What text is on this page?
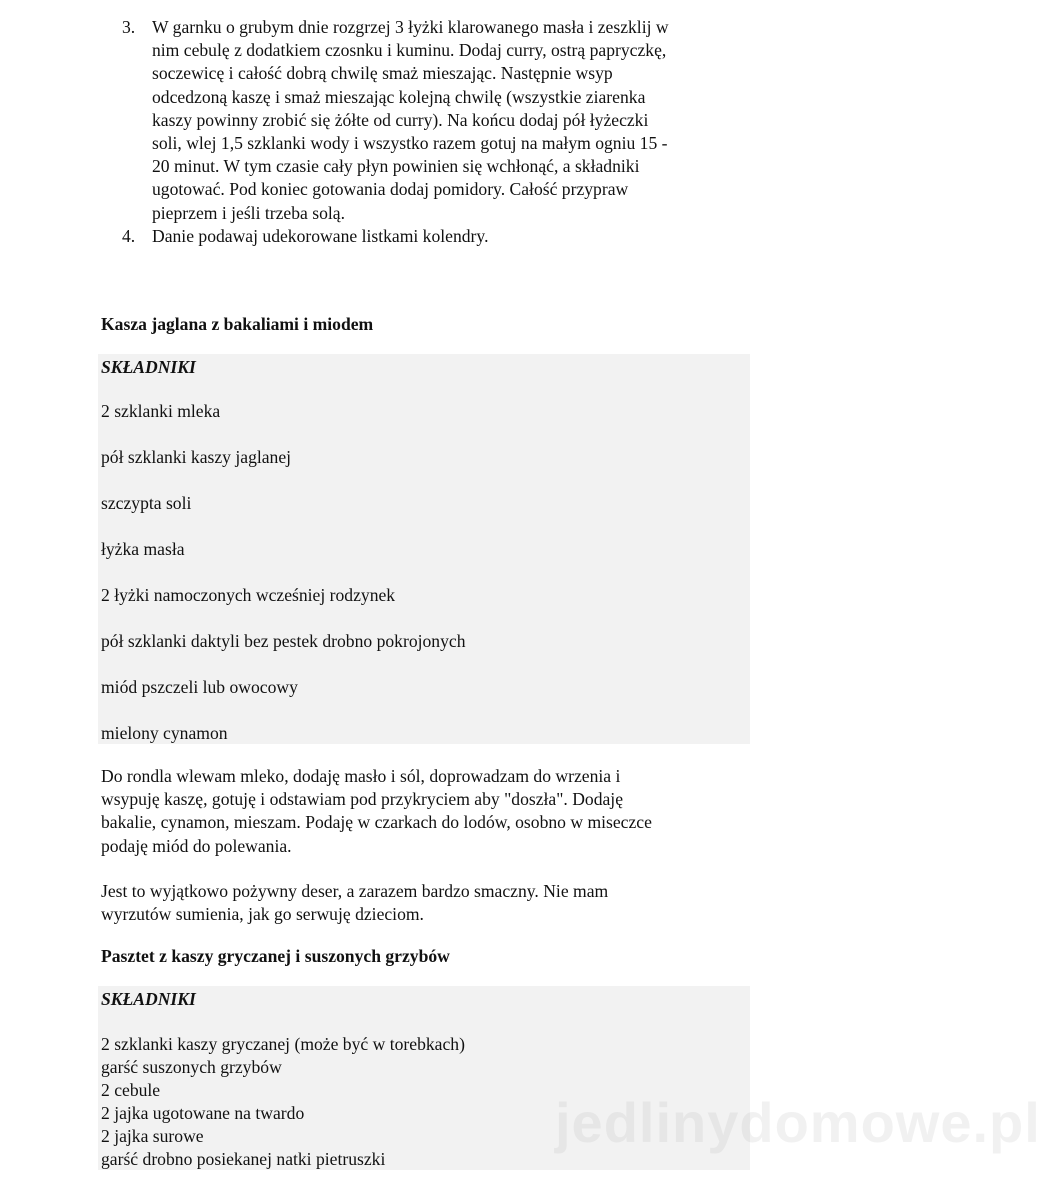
3. W garnku o grubym dnie rozgrzej 3 łyżki klarowanego masła i zeszklij w
nim cebulę z dodatkiem czosnku i kuminu. Dodaj curry, ostrą papryczkę,
soczewicę i całość dobrą chwilę smaż mieszając. Następnie wsyp
odcedzoną kaszę i smaż mieszając kolejną chwilę (wszystkie ziarenka
kaszy powinny zrobić się żółte od curry). Na końcu dodaj pół łyżeczki
soli, wlej 1,5 szklanki wody i wszystko razem gotuj na małym ogniu 15 -
20 minut. W tym czasie cały płyn powinien się wchłonąć, a składniki
ugotować. Pod koniec gotowania dodaj pomidory. Całość przypraw
pieprzem i jeśli trzeba solą.
4. Danie podawaj udekorowane listkami kolendry.
Kasza jaglana z bakaliami i miodem
SKŁADNIKI
2 szklanki mleka
pół szklanki kaszy jaglanej
szczypta soli
łyżka masła
2 łyżki namoczonych wcześniej rodzynek
pół szklanki daktyli bez pestek drobno pokrojonych
miód pszczeli lub owocowy
mielony cynamon
Do rondla wlewam mleko, dodaję masło i sól, doprowadzam do wrzenia i
wsypuję kaszę, gotuję i odstawiam pod przykryciem aby "doszła". Dodaję
bakalie, cynamon, mieszam. Podaję w czarkach do lodów, osobno w miseczce
podaję miód do polewania.
Jest to wyjątkowo pożywny deser, a zarazem bardzo smaczny. Nie mam
wyrzutów sumienia, jak go serwuję dzieciom.
Pasztet z kaszy gryczanej i suszonych grzybów
SKŁADNIKI
2 szklanki kaszy gryczanej (może być w torebkach)
garść suszonych grzybów
2 cebule
2 jajka ugotowane na twardo
2 jajka surowe
garść drobno posiekanej natki pietruszki
jedlinydomowe.pl
